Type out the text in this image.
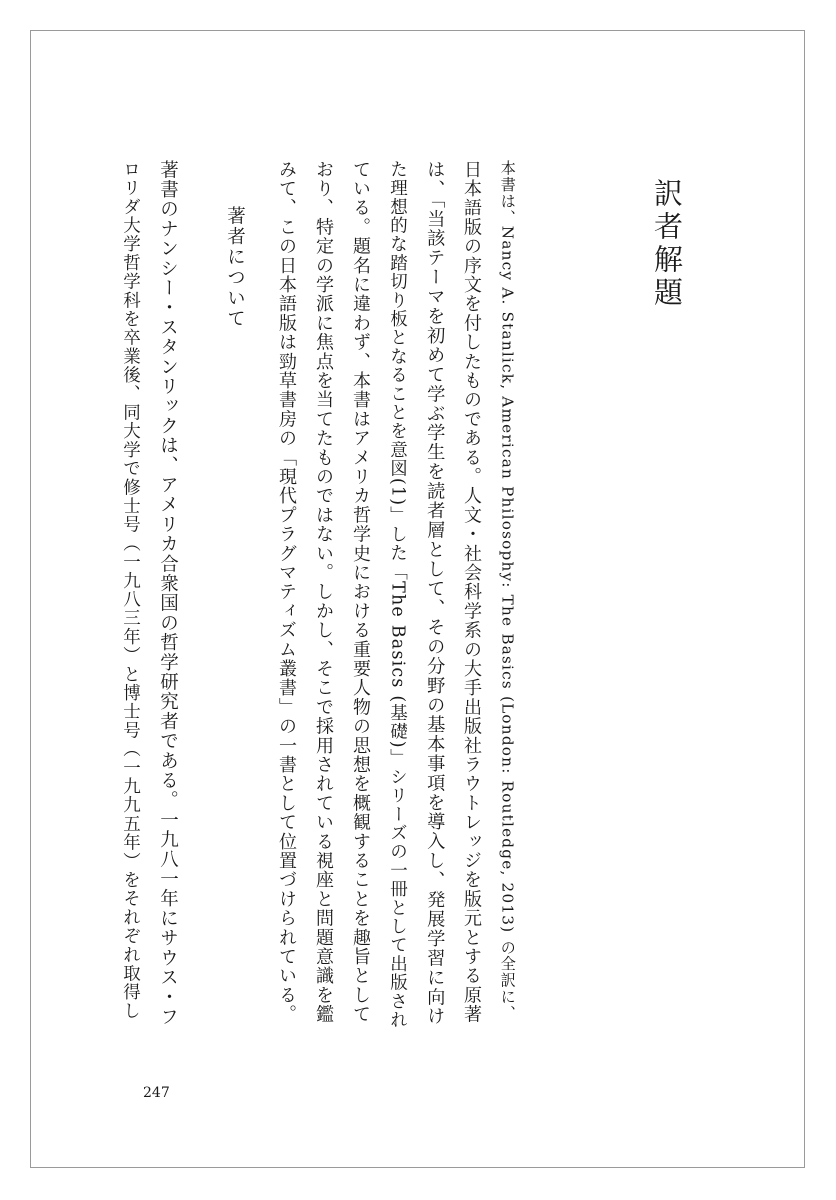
訳者解題
本書は、Nancy A. Stanlick, American Philosophy: The Basics (London: Routledge, 2013) の全訳に、
日本語版の序文を付したものである。人文・社会科学系の大手出版社ラウトレッジを版元とする原著
は、「当該テーマを初めて学ぶ学生を読者層として、その分野の基本事項を導入し、発展学習に向け
た理想的な踏切り板となることを意図(1)」した「The Basics (基礎)」シリーズの一冊として出版され
ている。題名に違わず、本書はアメリカ哲学史における重要人物の思想を概観することを趣旨として
おり、特定の学派に焦点を当てたものではない。しかし、そこで採用されている視座と問題意識を鑑
みて、この日本語版は勁草書房の「現代プラグマティズム叢書」の一書として位置づけられている。
著者について
著書のナンシー・スタンリックは、アメリカ合衆国の哲学研究者である。一九八一年にサウス・フ
ロリダ大学哲学科を卒業後、同大学で修士号（一九八三年）と博士号（一九九五年）をそれぞれ取得し
247
